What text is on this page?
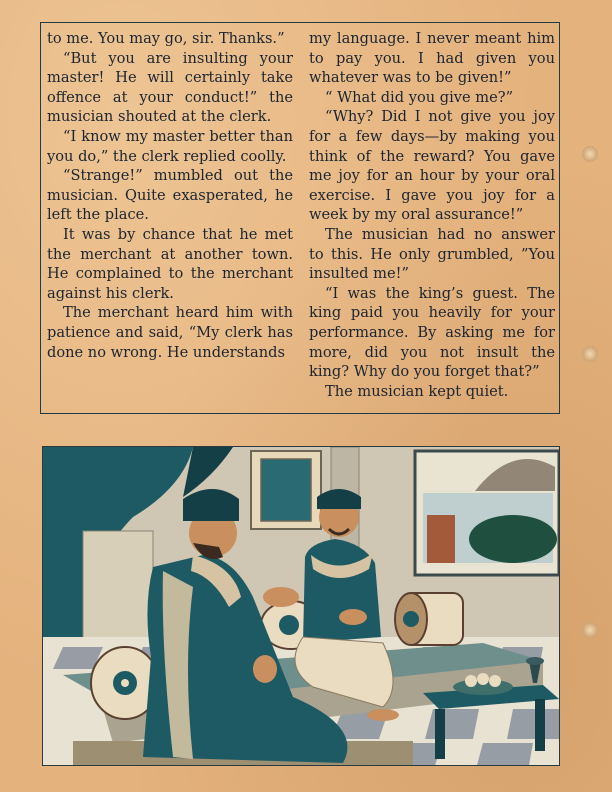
to me. You may go, sir. Thanks.”

“But you are insulting your master! He will certainly take offence at your conduct!” the musician shouted at the clerk.

“I know my master better than you do,” the clerk replied coolly.

“Strange!” mumbled out the musician. Quite exasperated, he left the place.

It was by chance that he met the merchant at another town. He complained to the merchant against his clerk.

The merchant heard him with patience and said, “My clerk has done no wrong. He understands

my language. I never meant him to pay you. I had given you whatever was to be given!”

“ What did you give me?”

“Why? Did I not give you joy for a few days—by making you think of the reward? You gave me joy for an hour by your oral exercise. I gave you joy for a week by my oral assurance!”

The musician had no answer to this. He only grumbled, ”You insulted me!”

“I was the king’s guest. The king paid you heavily for your performance. By asking me for more, did you not insult the king? Why do you forget that?”

The musician kept quiet.
